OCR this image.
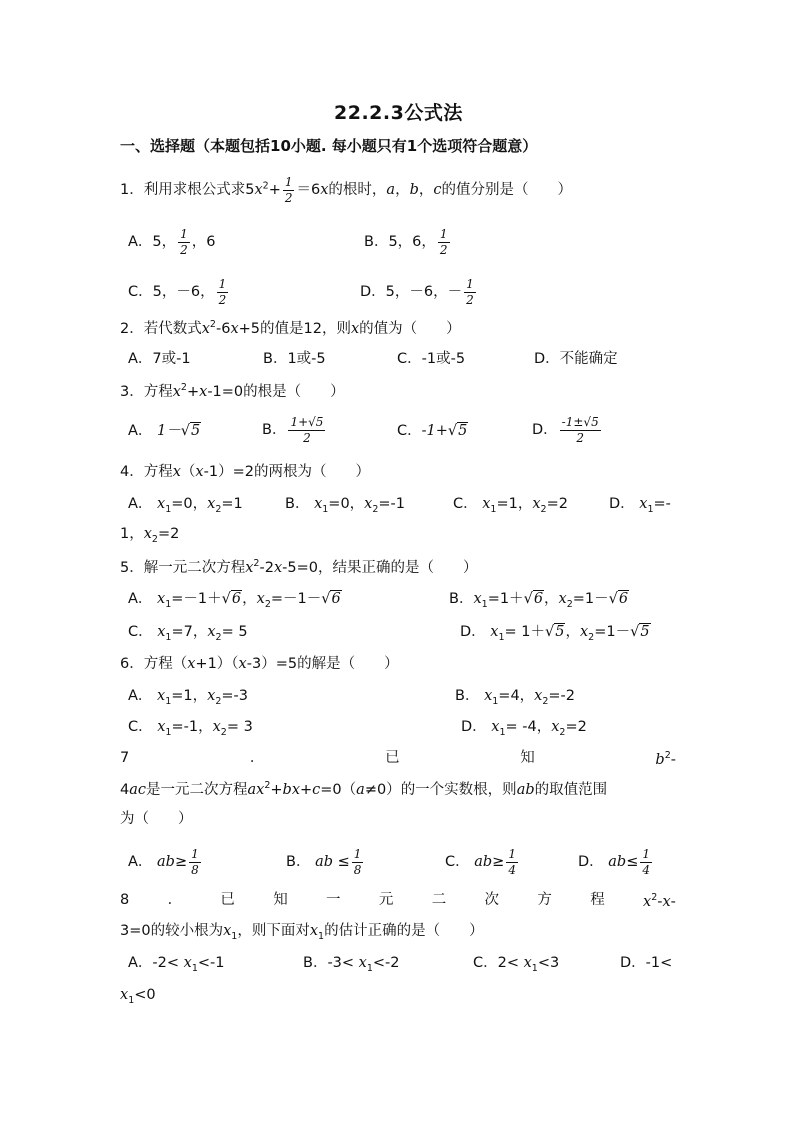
22.2.3公式法
一、选择题（本题包括10小题. 每小题只有1个选项符合题意）
1．利用求根公式求$5x^2+ \frac{1}{2} =6x$的根时，a，b，c的值分别是（　　）
A．5， $\frac{1}{2}$ ，6	B．5，6， $\frac{1}{2}$
C．5，－6， $\frac{1}{2}$	D．5，－6，－ $\frac{1}{2}$
2．若代数式$x^2-6x+5$的值是12，则x的值为（　　）
A．7或-1	B．1或-5	C．-1或-5	D．不能确定
3．方程$x^2+x-1=0$的根是（　　）
A． 1－√5	B． $\frac{1+√5}{2}$	C．-1+√5	D． $\frac{-1\pm√5}{2}$
4．方程x（x-1）=2的两根为（　　）
A． $x_1=0$，$x_2=1$	B． $x_1=0$，$x_2=-1$	C． $x_1=1$，$x_2=2$	D． $x_1=-$
1，$x_2=2$
5．解一元二次方程$x^2-2x-5=0$，结果正确的是（　　）
A． $x_1=-1+√6$，$x_2=-1-√6$	B．$x_1=1+√6$，$x_2=1-√6$
C． $x_1=7$，$x_2= 5$	D． $x_1= 1+√5$，$x_2=1-√5$
6．方程（x+1）（x-3）=5的解是（　　）
A． $x_1=1$，$x_2=-3$	B． $x_1=4$，$x_2=-2$
C． $x_1=-1$，$x_2= 3$	D． $x_1= -4$，$x_2=2$
7	．	已	知	$b^2-$
4ac是一元二次方程$ax^2+bx+c=0(a\ne 0)$的一个实数根，则ab的取值范围
为（　　）
A． $ab\ge \frac{1}{8}$	B． ab ≤ $\frac{1}{8}$	C． $ab\ge \frac{1}{4}$	D． $ab\le \frac{1}{4}$
8	．	已	知	一	元	二	次	方	程	$x^2-x-$
3=0的较小根为$x_1$，则下面对$x_1$的估计正确的是（　　）
A．$-2< x_1<-1$	B．$-3< x_1<-2$	C．$2< x_1<3$	D．-1<
$x_1<0$
